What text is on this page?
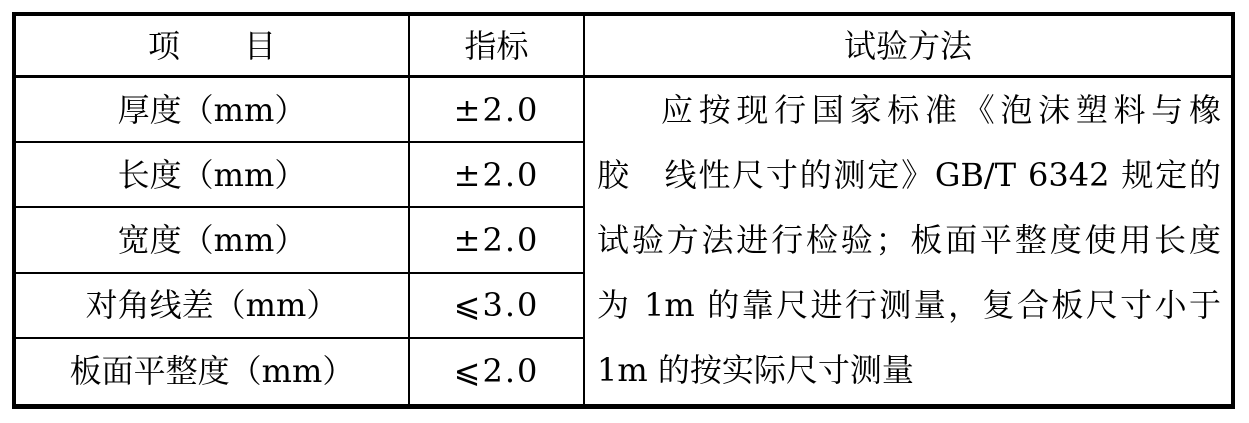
项　　目	指标	试验方法
厚度（mm）	±2.0
长度（mm）	±2.0
宽度（mm）	±2.0
对角线差（mm）	⩽3.0
板面平整度（mm）	⩽2.0
应按现行国家标准《泡沫塑料与橡
胶　线性尺寸的测定》GB/T 6342 规定的
试验方法进行检验；板面平整度使用长度
为 1m 的靠尺进行测量，复合板尺寸小于
1m 的按实际尺寸测量
